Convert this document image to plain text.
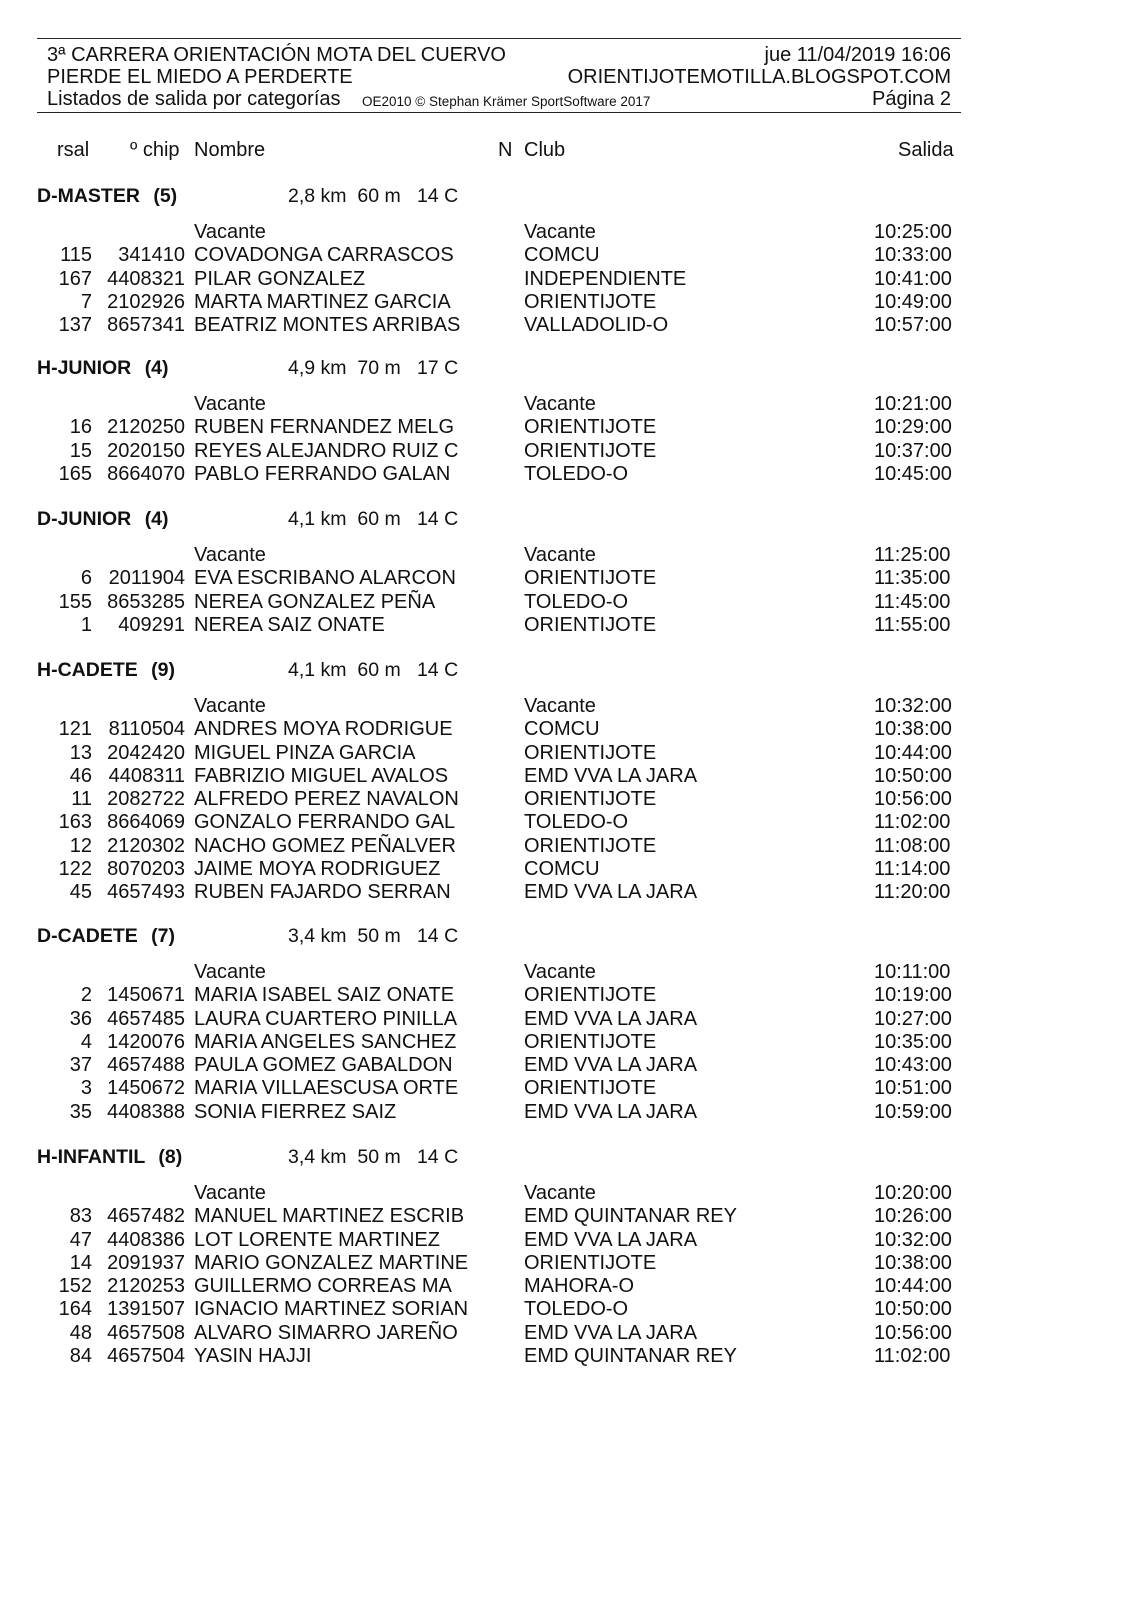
3ª CARRERA ORIENTACIÓN MOTA DEL CUERVO	jue 11/04/2019 16:06
PIERDE EL MIEDO A PERDERTE	ORIENTIJOTEMOTILLA.BLOGSPOT.COM
Listados de salida por categorías OE2010 © Stephan Krämer SportSoftware 2017	Página 2
rsal º chip Nombre	N Club	Salida
D-MASTER (5)	2,8 km  60 m   14 C
Vacante	Vacante	10:25:00
115 341410 COVADONGA CARRASCOS	COMCU	10:33:00
167 4408321 PILAR GONZALEZ	INDEPENDIENTE	10:41:00
7 2102926 MARTA MARTINEZ GARCIA	ORIENTIJOTE	10:49:00
137 8657341 BEATRIZ MONTES ARRIBAS	VALLADOLID-O	10:57:00
H-JUNIOR (4)	4,9 km  70 m   17 C
Vacante	Vacante	10:21:00
16 2120250 RUBEN FERNANDEZ MELG	ORIENTIJOTE	10:29:00
15 2020150 REYES ALEJANDRO RUIZ C	ORIENTIJOTE	10:37:00
165 8664070 PABLO FERRANDO GALAN	TOLEDO-O	10:45:00
D-JUNIOR (4)	4,1 km  60 m   14 C
Vacante	Vacante	11:25:00
6 2011904 EVA ESCRIBANO ALARCON	ORIENTIJOTE	11:35:00
155 8653285 NEREA GONZALEZ PEÑA	TOLEDO-O	11:45:00
1 409291 NEREA SAIZ ONATE	ORIENTIJOTE	11:55:00
H-CADETE (9)	4,1 km  60 m   14 C
Vacante	Vacante	10:32:00
121 8110504 ANDRES MOYA RODRIGUE	COMCU	10:38:00
13 2042420 MIGUEL PINZA GARCIA	ORIENTIJOTE	10:44:00
46 4408311 FABRIZIO MIGUEL AVALOS	EMD VVA LA JARA	10:50:00
11 2082722 ALFREDO PEREZ NAVALON	ORIENTIJOTE	10:56:00
163 8664069 GONZALO FERRANDO GAL	TOLEDO-O	11:02:00
12 2120302 NACHO GOMEZ PEÑALVER	ORIENTIJOTE	11:08:00
122 8070203 JAIME MOYA RODRIGUEZ	COMCU	11:14:00
45 4657493 RUBEN FAJARDO SERRAN	EMD VVA LA JARA	11:20:00
D-CADETE (7)	3,4 km  50 m   14 C
Vacante	Vacante	10:11:00
2 1450671 MARIA ISABEL SAIZ ONATE	ORIENTIJOTE	10:19:00
36 4657485 LAURA CUARTERO PINILLA	EMD VVA LA JARA	10:27:00
4 1420076 MARIA ANGELES SANCHEZ	ORIENTIJOTE	10:35:00
37 4657488 PAULA GOMEZ GABALDON	EMD VVA LA JARA	10:43:00
3 1450672 MARIA VILLAESCUSA ORTE	ORIENTIJOTE	10:51:00
35 4408388 SONIA FIERREZ SAIZ	EMD VVA LA JARA	10:59:00
H-INFANTIL (8)	3,4 km  50 m   14 C
Vacante	Vacante	10:20:00
83 4657482 MANUEL MARTINEZ ESCRIB	EMD QUINTANAR REY	10:26:00
47 4408386 LOT LORENTE MARTINEZ	EMD VVA LA JARA	10:32:00
14 2091937 MARIO GONZALEZ MARTINE	ORIENTIJOTE	10:38:00
152 2120253 GUILLERMO CORREAS MA	MAHORA-O	10:44:00
164 1391507 IGNACIO MARTINEZ SORIAN	TOLEDO-O	10:50:00
48 4657508 ALVARO SIMARRO JAREÑO	EMD VVA LA JARA	10:56:00
84 4657504 YASIN HAJJI	EMD QUINTANAR REY	11:02:00
